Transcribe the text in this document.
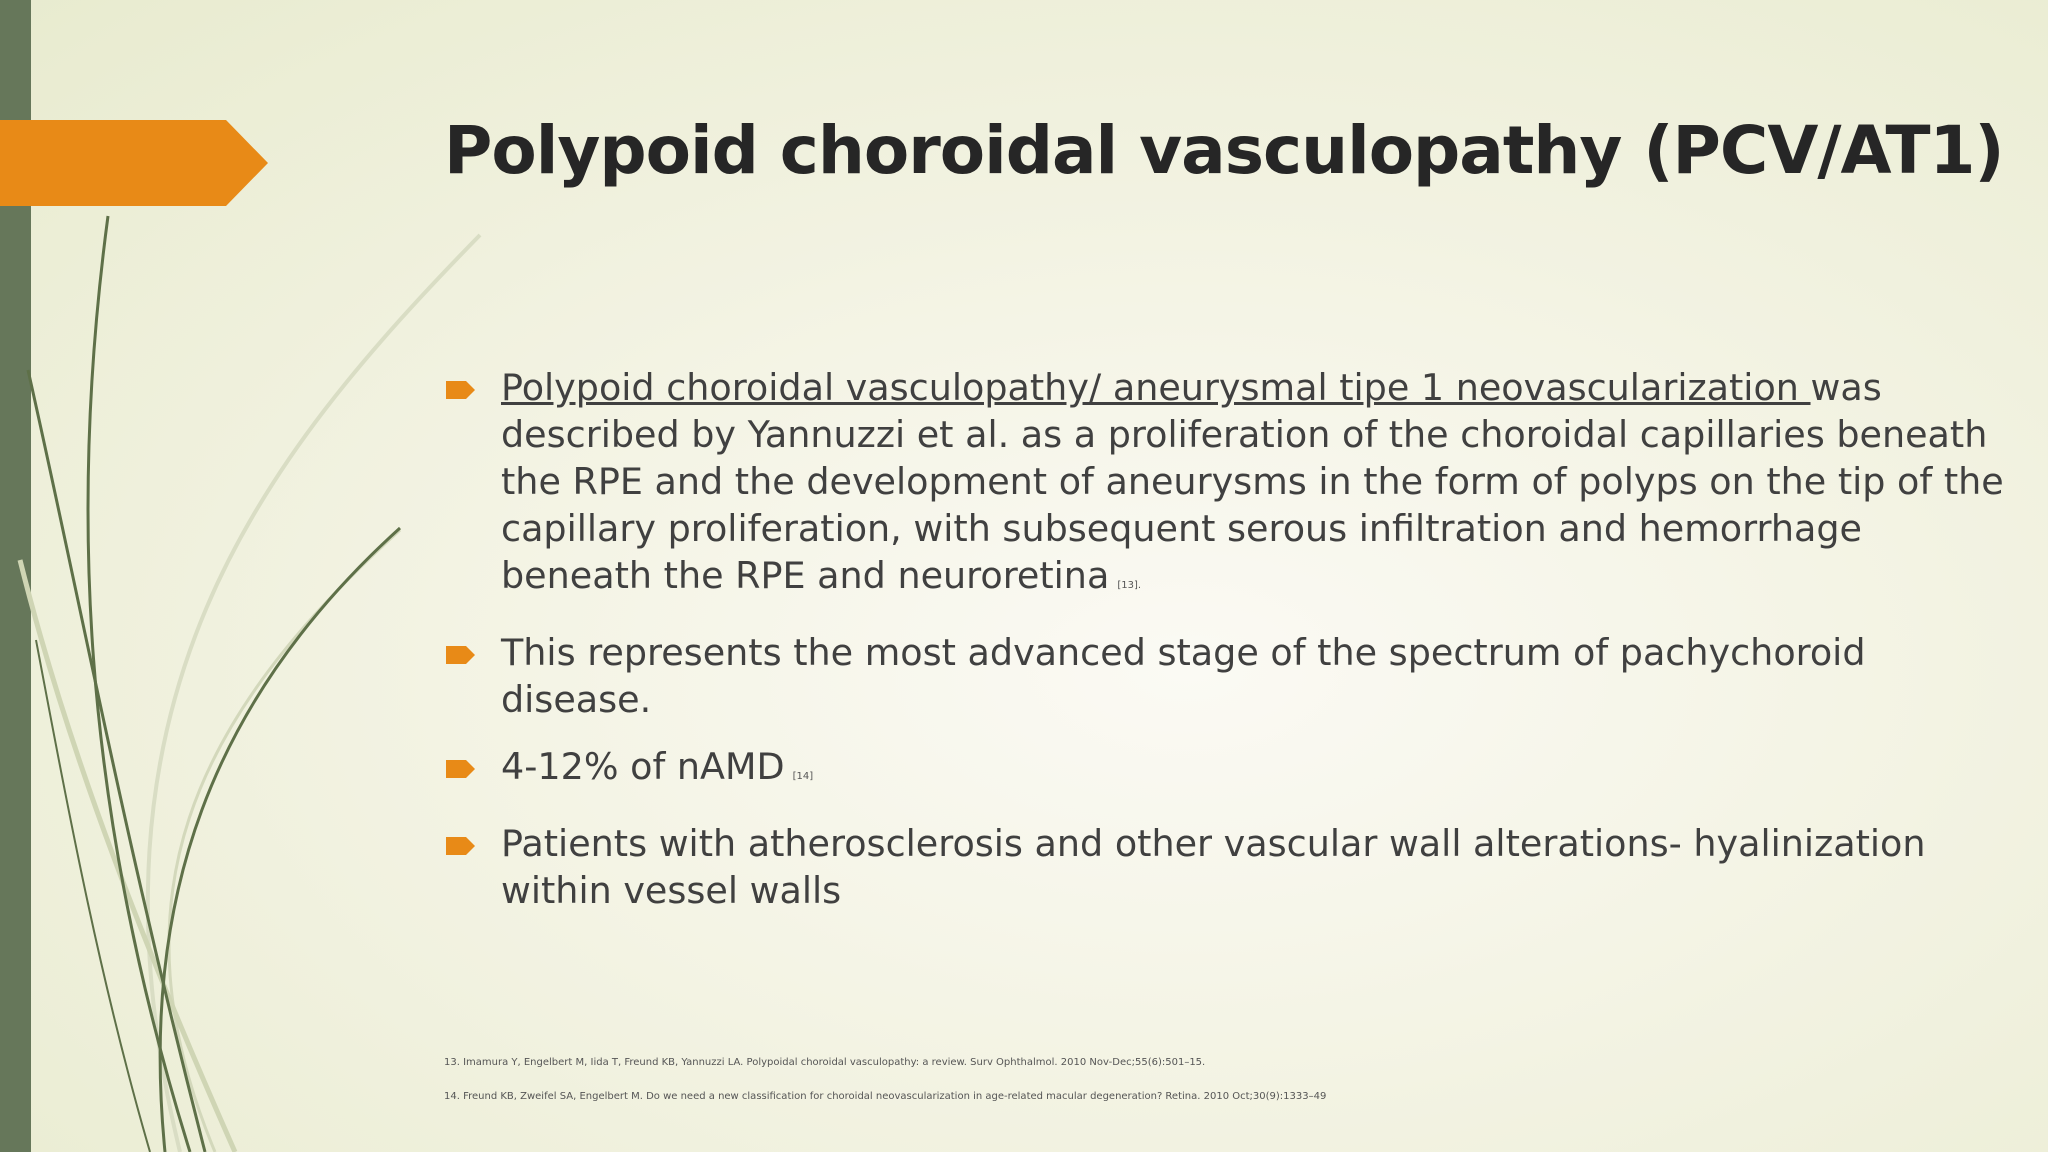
Polypoid choroidal vasculopathy (PCV/AT1)
Polypoid choroidal vasculopathy/ aneurysmal tipe 1 neovascularization was described by Yannuzzi et al. as a proliferation of the choroidal capillaries beneath the RPE and the development of aneurysms in the form of polyps on the tip of the capillary proliferation, with subsequent serous infiltration and hemorrhage beneath the RPE and neuroretina [13].
This represents the most advanced stage of the spectrum of pachychoroid disease.
4-12% of nAMD [14]
Patients with atherosclerosis and other vascular wall alterations- hyalinization within vessel walls
13. Imamura Y, Engelbert M, Iida T, Freund KB, Yannuzzi LA. Polypoidal choroidal vasculopathy: a review. Surv Ophthalmol. 2010 Nov-Dec;55(6):501–15.
14. Freund KB, Zweifel SA, Engelbert M. Do we need a new classification for choroidal neovascularization in age-related macular degeneration? Retina. 2010 Oct;30(9):1333–49
